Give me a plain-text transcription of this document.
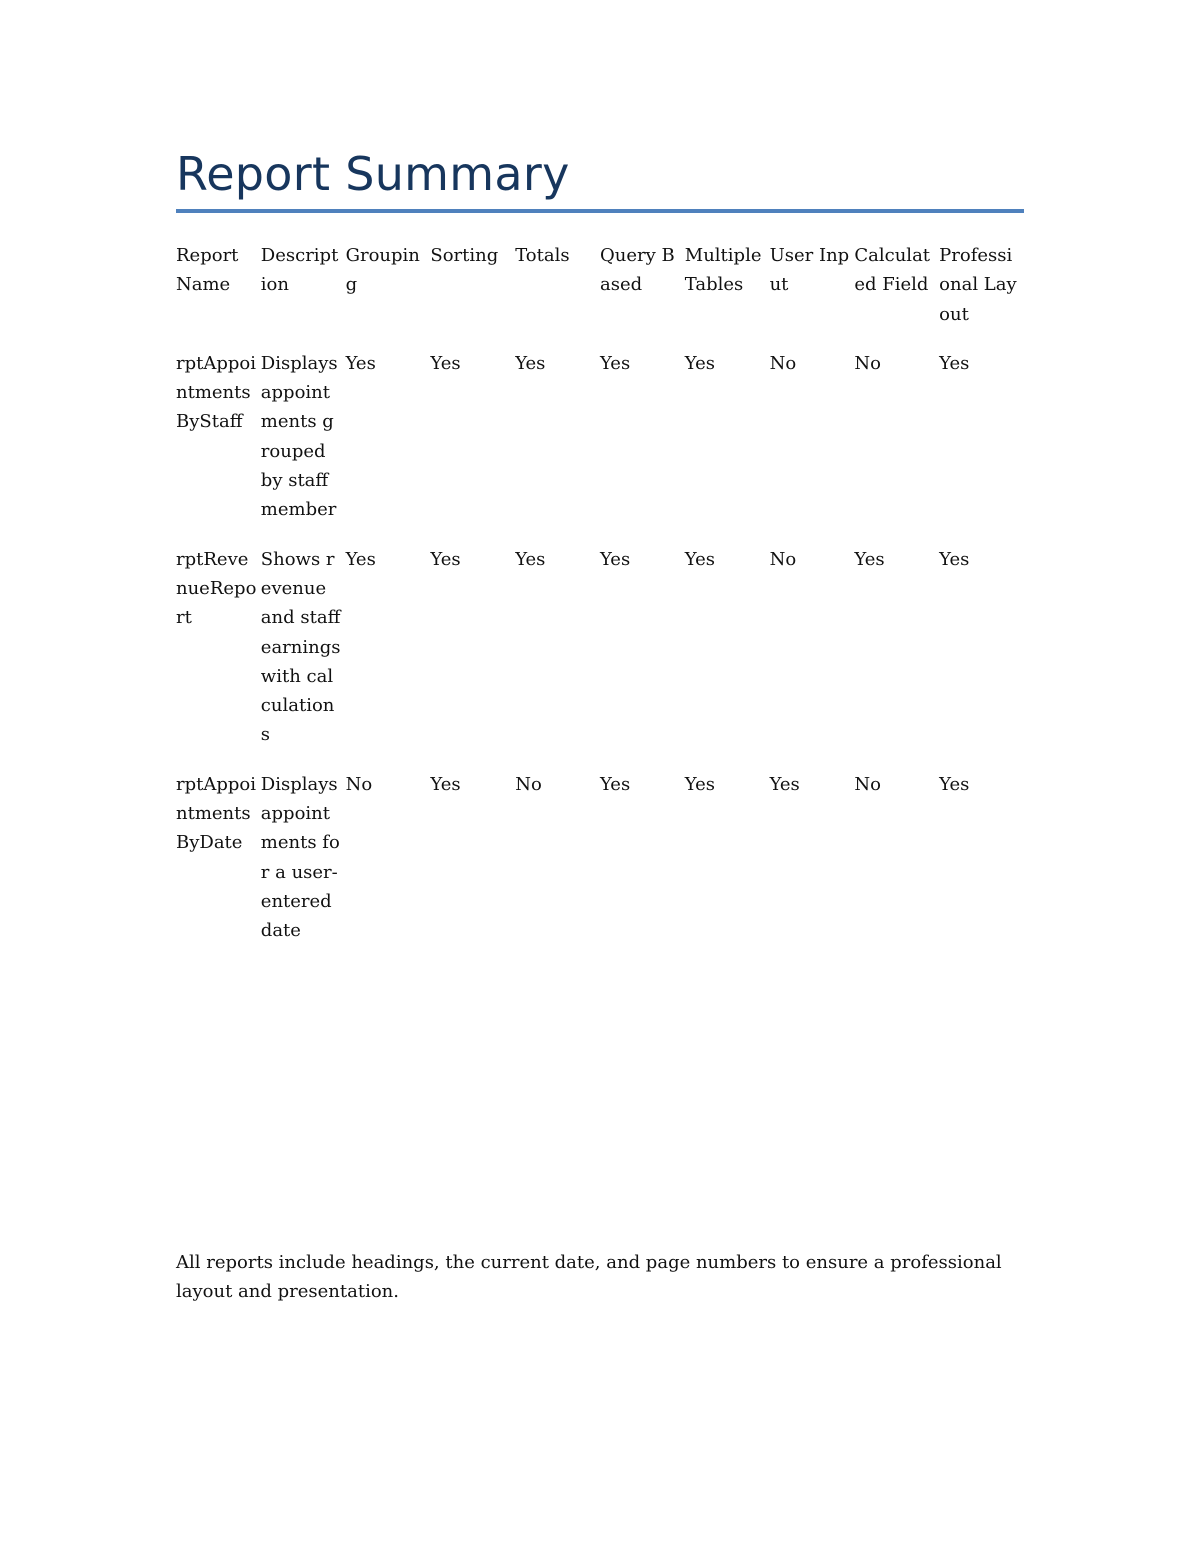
Report Summary
Report Name	Description	Grouping	Sorting	Totals	Query Based	Multiple Tables	User Input	Calculated Field	Professional Layout
rptAppointmentsByStaff	Displays appointments grouped by staff member	Yes	Yes	Yes	Yes	Yes	No	No	Yes
rptRevenueReport	Shows revenue and staff earnings with calculations	Yes	Yes	Yes	Yes	Yes	No	Yes	Yes
rptAppointmentsByDate	Displays appointments for a user-entered date	No	Yes	No	Yes	Yes	Yes	No	Yes

All reports include headings, the current date, and page numbers to ensure a professional layout and presentation.
